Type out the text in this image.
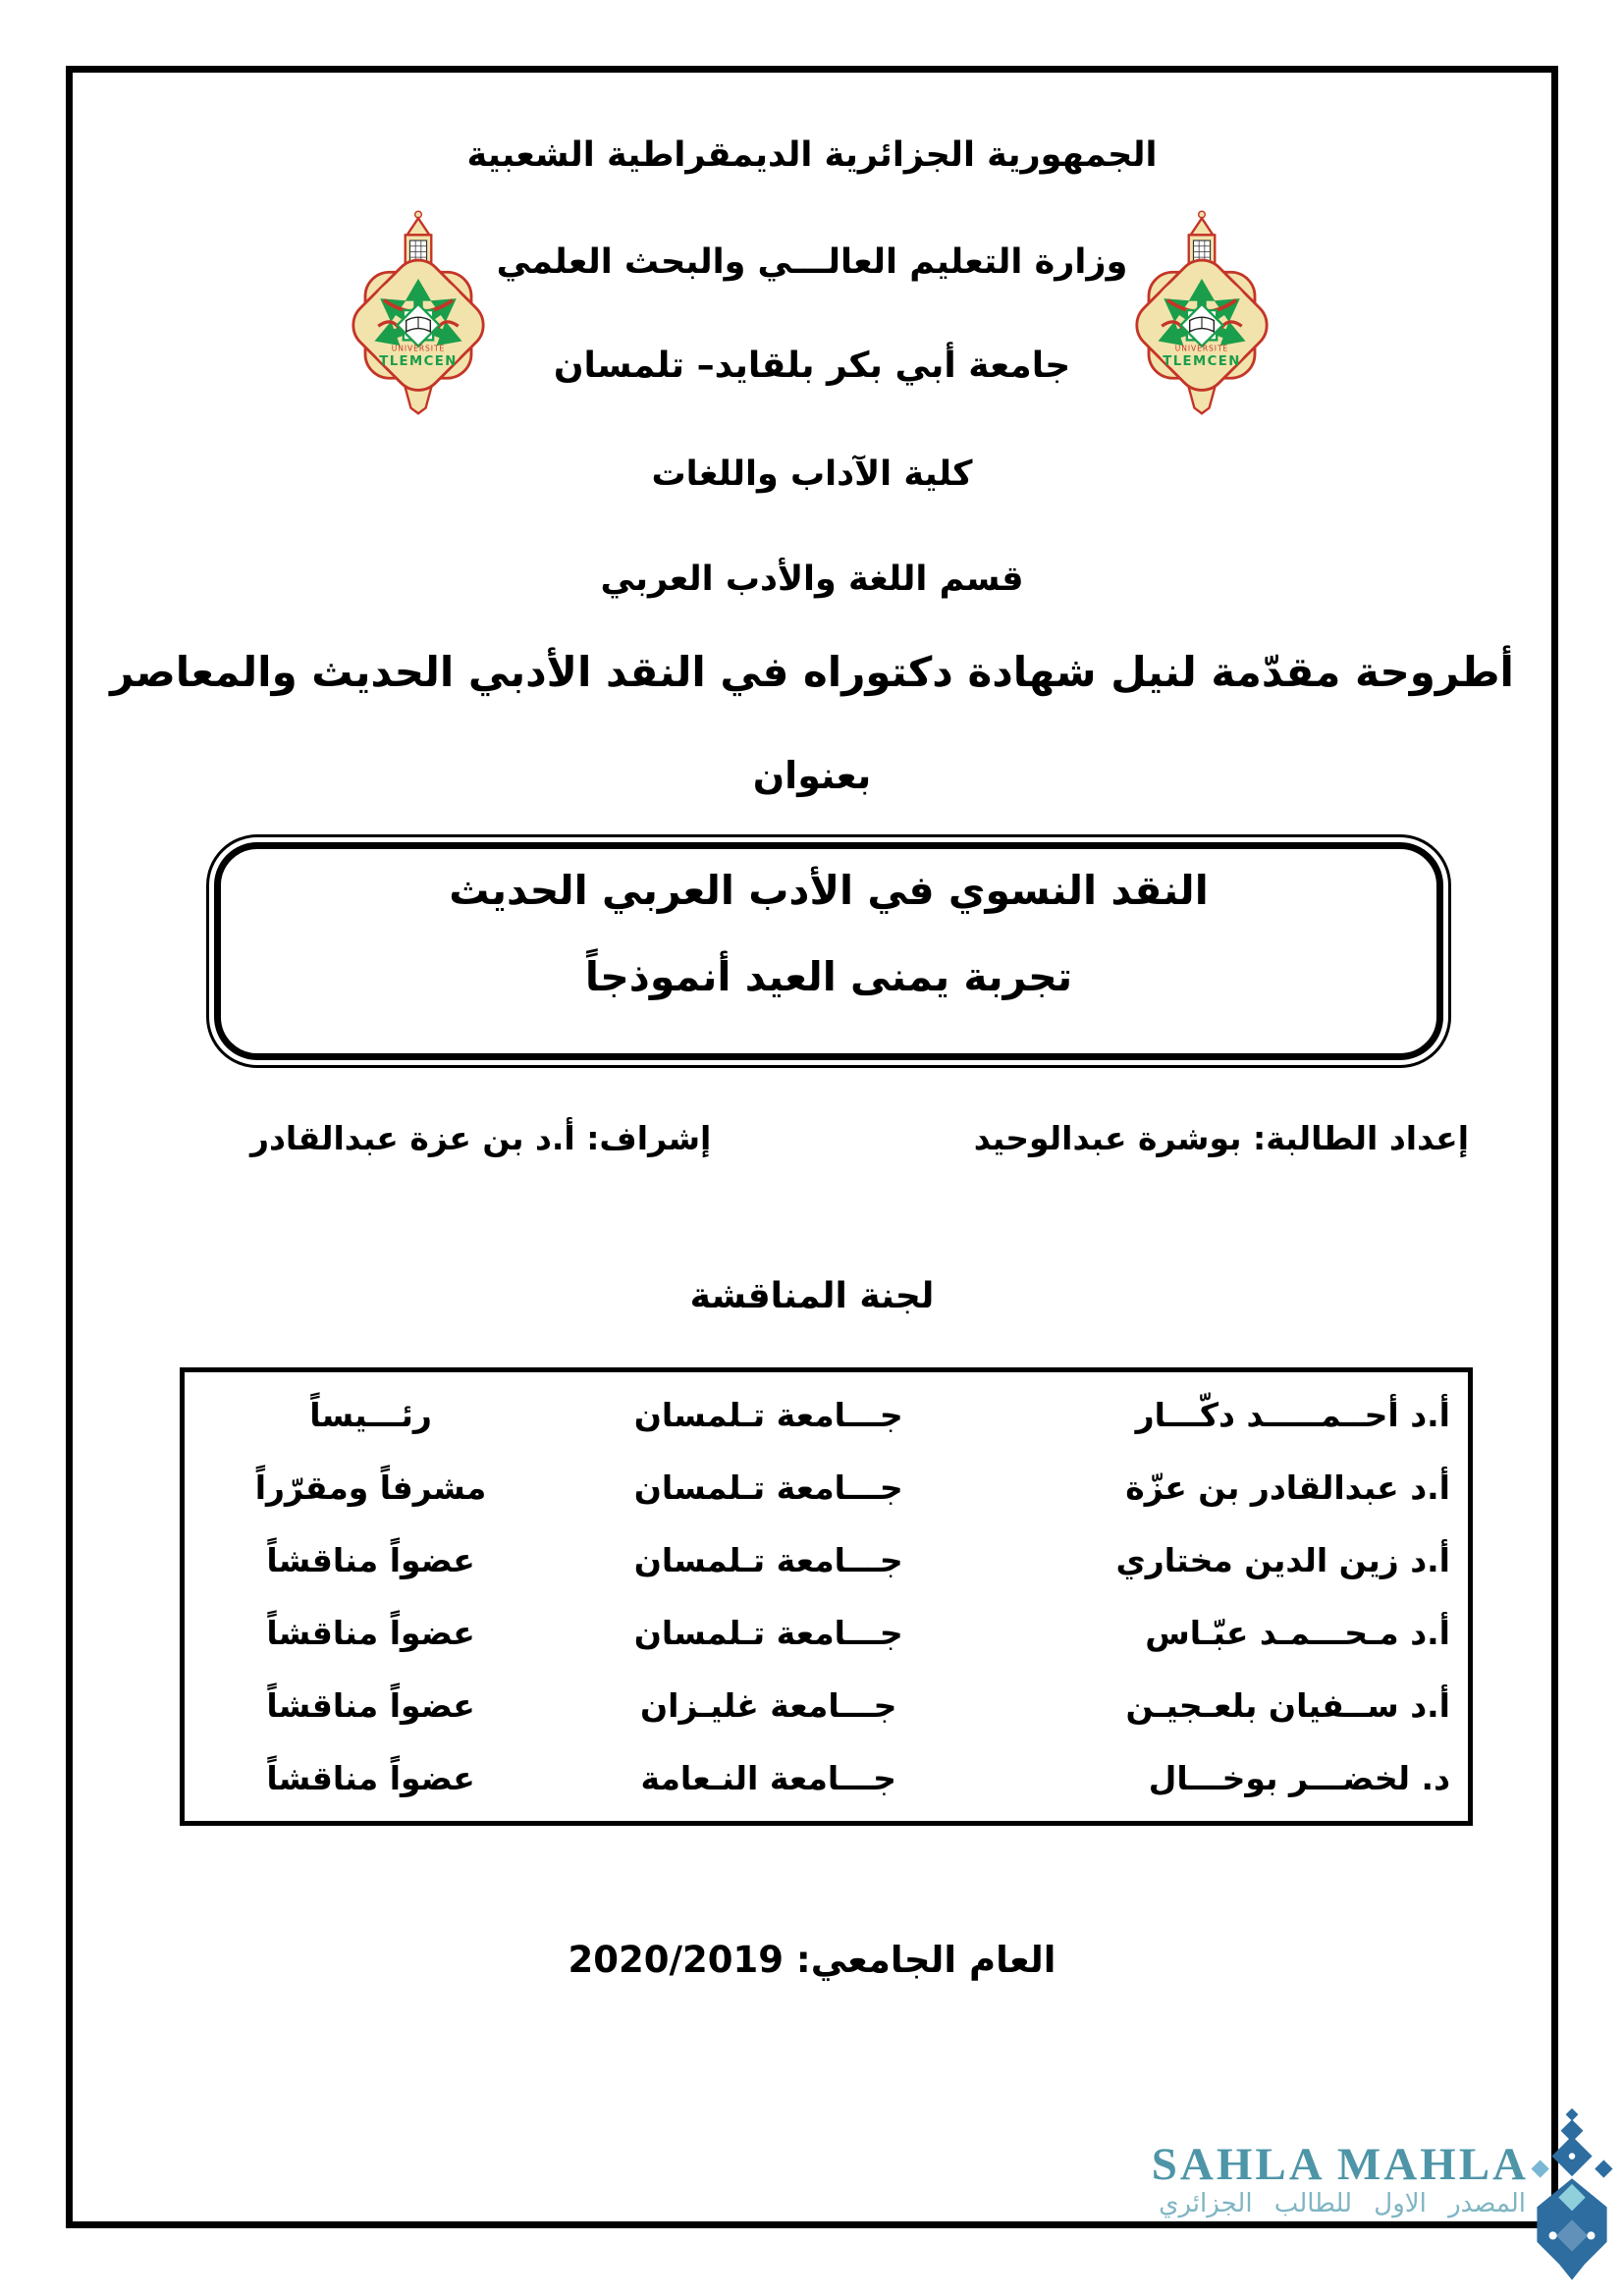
الجمهورية الجزائرية الديمقراطية الشعبية
وزارة التعليم العالـــي والبحث العلمي
جامعة أبي بكر بلقايد– تلمسان
كلية الآداب واللغات
قسم اللغة والأدب العربي
أطروحة مقدّمة لنيل شهادة دكتوراه في النقد الأدبي الحديث والمعاصر
بعنوان
النقد النسوي في الأدب العربي الحديث
تجربة يمنى العيد أنموذجاً
إعداد الطالبة: بوشرة عبدالوحيد
إشراف: أ.د بن عزة عبدالقادر
لجنة المناقشة
أ.د أحــمـــــد دكّـــار
جـــامعة تـلمسان
رئـــيساً
أ.د عبدالقادر بن عزّة
جـــامعة تـلمسان
مشرفاً ومقرّراً
أ.د زين الدين مختاري
جـــامعة تـلمسان
عضواً مناقشاً
أ.د مـحـــمـد عبّـاس
جـــامعة تـلمسان
عضواً مناقشاً
أ.د ســفيان بلعـجيـن
جـــامعة غليـزان
عضواً مناقشاً
د. لخضـــر بوخـــال
جـــامعة النـعامة
عضواً مناقشاً
العام الجامعي: 2020/2019
SAHLA MAHLA
المصدر الاول للطالب الجزائري
